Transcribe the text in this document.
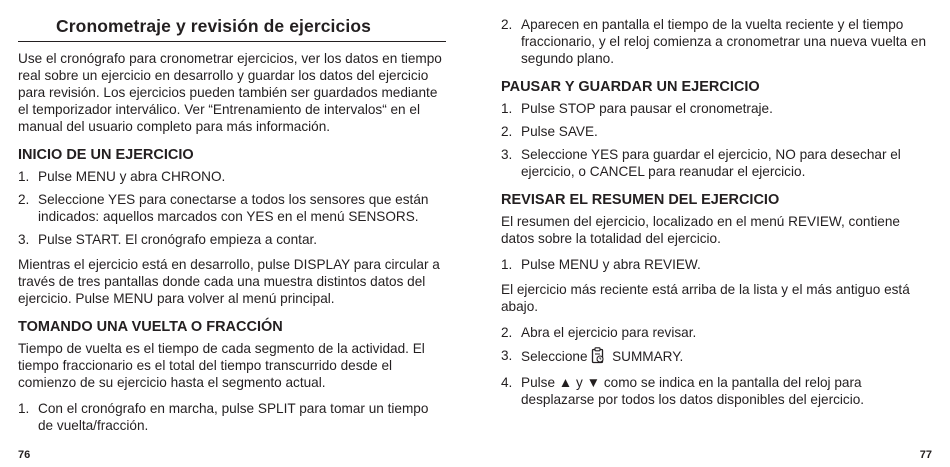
Cronometraje y revisión de ejercicios

Use el cronógrafo para cronometrar ejercicios, ver los datos en tiempo real sobre un ejercicio en desarrollo y guardar los datos del ejercicio para revisión. Los ejercicios pueden también ser guardados mediante el temporizador interválico. Ver “Entrenamiento de intervalos“ en el manual del usuario completo para más información.

INICIO DE UN EJERCICIO
1. Pulse MENU y abra CHRONO.
2. Seleccione YES para conectarse a todos los sensores que están indicados: aquellos marcados con YES en el menú SENSORS.
3. Pulse START. El cronógrafo empieza a contar.

Mientras el ejercicio está en desarrollo, pulse DISPLAY para circular a través de tres pantallas donde cada una muestra distintos datos del ejercicio. Pulse MENU para volver al menú principal.

TOMANDO UNA VUELTA O FRACCIÓN

Tiempo de vuelta es el tiempo de cada segmento de la actividad. El tiempo fraccionario es el total del tiempo transcurrido desde el comienzo de su ejercicio hasta el segmento actual.

1. Con el cronógrafo en marcha, pulse SPLIT para tomar un tiempo de vuelta/fracción.
76
2. Aparecen en pantalla el tiempo de la vuelta reciente y el tiempo fraccionario, y el reloj comienza a cronometrar una nueva vuelta en segundo plano.
PAUSAR Y GUARDAR UN EJERCICIO
1. Pulse STOP para pausar el cronometraje.
2. Pulse SAVE.
3. Seleccione YES para guardar el ejercicio, NO para desechar el ejercicio, o CANCEL para reanudar el ejercicio.
REVISAR EL RESUMEN DEL EJERCICIO

El resumen del ejercicio, localizado en el menú REVIEW, contiene datos sobre la totalidad del ejercicio.

1. Pulse MENU y abra REVIEW.

El ejercicio más reciente está arriba de la lista y el más antiguo está abajo.

2. Abra el ejercicio para revisar.
3. Seleccione SUMMARY.
4. Pulse ▲ y ▼ como se indica en la pantalla del reloj para desplazarse por todos los datos disponibles del ejercicio.
77
